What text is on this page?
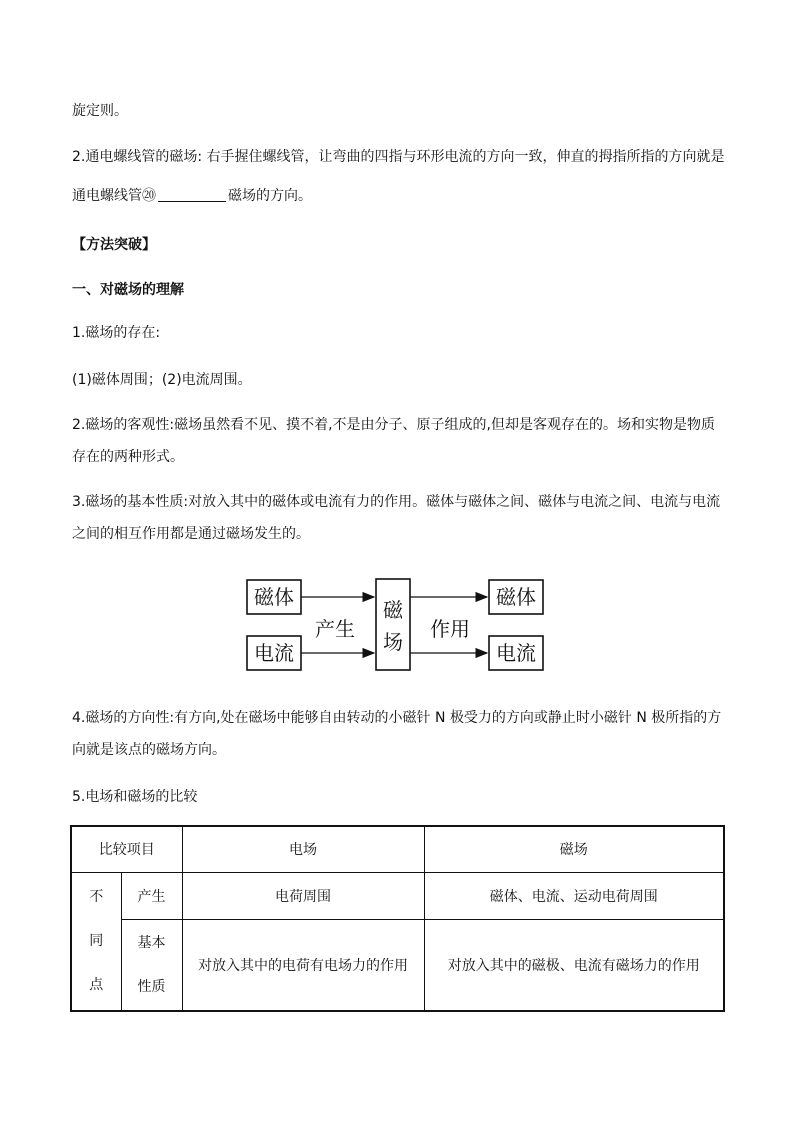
旋定则。
2.通电螺线管的磁场: 右手握住螺线管，让弯曲的四指与环形电流的方向一致，伸直的拇指所指的方向就是
通电螺线管⑳	磁场的方向。
【方法突破】
一、对磁场的理解
1.磁场的存在:
(1)磁体周围；(2)电流周围。
2.磁场的客观性:磁场虽然看不见、摸不着,不是由分子、原子组成的,但却是客观存在的。场和实物是物质
存在的两种形式。
3.磁场的基本性质:对放入其中的磁体或电流有力的作用。磁体与磁体之间、磁体与电流之间、电流与电流
之间的相互作用都是通过磁场发生的。
磁体
电流
产生
磁
场
作用
磁体
电流
4.磁场的方向性:有方向,处在磁场中能够自由转动的小磁针 N 极受力的方向或静止时小磁针 N 极所指的方
向就是该点的磁场方向。
5.电场和磁场的比较
比较项目		电场	磁场

不
同
点	产生	电荷周围	磁体、电流、运动电荷周围

	基本
性质	对放入其中的电荷有电场力的作用	对放入其中的磁极、电流有磁场力的作用
